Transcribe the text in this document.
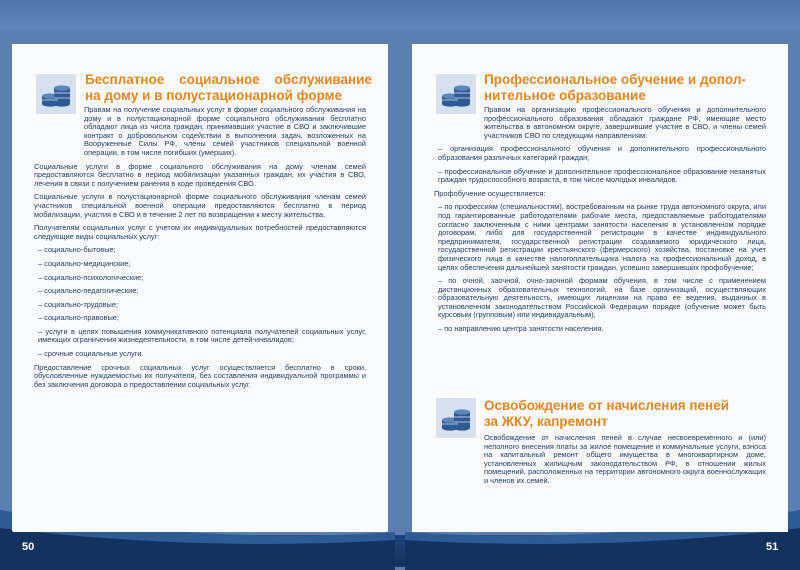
Бесплатное социальное обслуживание
на дому и в полустационарной форме

Правам на получение социальных услуг в форме социального обслуживания на дому и в полустационарной форме социального обслуживания бесплатно обладают лица из числа граждан, принимавших участие в СВО и заключившие контракт о добровольном содействии в выполнении задач, возложенных на Вооруженные Силы РФ, члены семей участников специальной военной операции, в том числе погибших (умерших).

Социальные услуги в форме социального обслуживания на дому членам семей предоставляются бесплатно в период мобилизации указанных граждан, их участия в СВО, лечения в связи с получением ранения в ходе проведения СВО.

Социальные услуги в полустационарной форме социального обслуживания членам семей участников специальной военной операции предоставляются бесплатно в период мобилизации, участия в СВО и в течение 2 лет по возвращении к месту жительства.

Получателям социальных услуг с учетом их индивидуальных потребностей предоставляются следующие виды социальных услуг:

– социально-бытовые;

– социально-медицинские;

– социально-психологические;

– социально-педагогические;

– социально-трудовые;

– социально-правовые;

– услуги в целях повышения коммуникативного потенциала получателей социальных услуг, имеющих ограничения жизнедеятельности, в том числе детей-инвалидов;

– срочные социальные услуги.

Предоставление срочных социальных услуг осуществляется бесплатно в сроки, обусловленные нуждаемостью их получателя, без составления индивидуальной программы и без заключения договора о предоставлении социальных услуг.

50
Профессиональное обучение и допол-
нительное образование

Правом на организацию профессионального обучения и дополнительного профессионального образования обладают граждане РФ, имеющие место жительства в автономном округе, завершившие участие в СВО, и члены семей участников СВО по следующим направлениям:

– организация профессионального обучения и дополнительного профессионального образования различных категорий граждан;

– профессиональное обучение и дополнительное профессиональное образование незанятых граждан трудоспособного возраста, в том числе молодых инвалидов.

Профобучение осуществляется:

– по профессиям (специальностям), востребованным на рынке труда автономного округа, или под гарантированные работодателями рабочие места, предоставляемые работодателями согласно заключенным с ними центрами занятости населения в установленном порядке договорам, либо для государственной регистрации в качестве индивидуального предпринимателя, государственной регистрации создаваемого юридического лица, государственной регистрации крестьянского (фермерского) хозяйства, постановке на учет физического лица в качестве налогоплательщика налога на профессиональный доход, в целях обеспечения дальнейшей занятости граждан, успешно завершивших профобучение;

– по очной, заочной, очно-заочной формам обучения, в том числе с применением дистанционных образовательных технологий, на базе организаций, осуществляющих образовательную деятельность, имеющих лицензии на право ее ведения, выданных в установленном законодательством Российской Федерации порядке (обучение может быть курсовым (групповым) или индивидуальным);

– по направлению центра занятости населения.

Освобождение от начисления пеней
за ЖКУ, капремонт

Освобождение от начисления пеней в случае несвоевременного и (или) неполного внесения платы за жилое помещение и коммунальные услуги, взноса на капитальный ремонт общего имущества в многоквартирном доме, установленных жилищным законодательством РФ, в отношении жилых помещений, расположенных на территории автономного округа военнослужащих и членов их семей.

51
